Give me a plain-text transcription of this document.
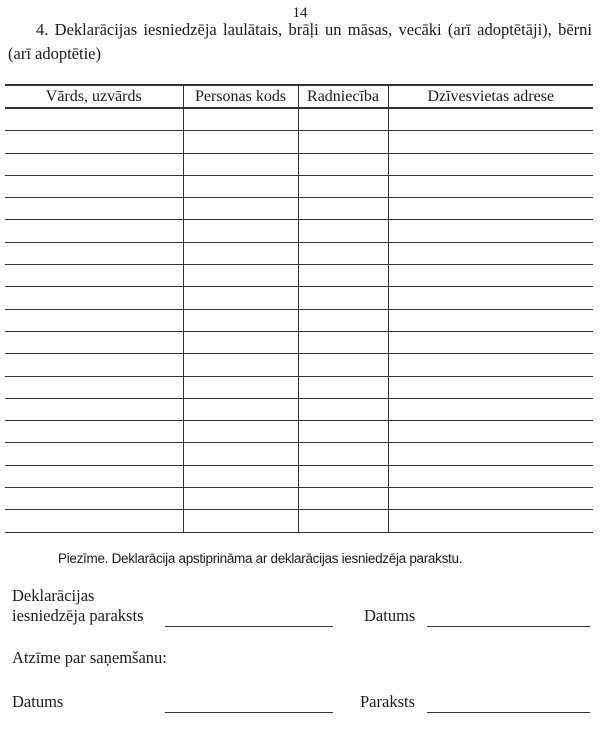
14
4. Deklarācijas iesniedzēja laulātais, brāļi un māsas, vecāki (arī adoptētāji), bērni (arī adoptētie)
Vārds, uzvārds	Personas kods	Radniecība	Dzīvesvietas adrese

Piezīme. Deklarācija apstiprināma ar deklarācijas iesniedzēja parakstu.
Deklarācijas
iesniedzēja paraksts	Datums
Atzīme par saņemšanu:
Datums	Paraksts
